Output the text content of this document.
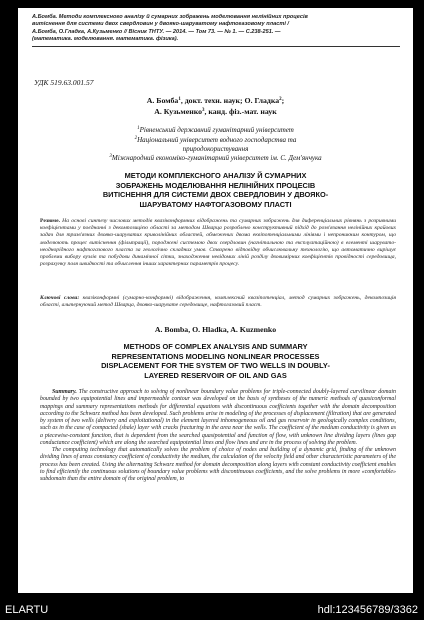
А.Бомба. Методи комплексного аналізу й сумарних зображень моделювання нелінійних процесів
витіснення для системи двох свердловин у двояко-шаруватому нафтогазовому пласті /
А.Бомба, О.Гладка, А.Кузьменко // Вісник ТНТУ. — 2014. — Том 73. — № 1. — С.238-251. —
(математика. моделювання. математика. фізика).
УДК 519.63.001.57
А. Бомба$^1$, докт. техн. наук; О. Гладка$^2$;
А. Кузьменко$^3$, канд. фіз.-мат. наук
$^1$Рівненський державний гуманітарний університет
$^2$Національний університет водного господарства та
природокористування
$^3$Міжнародний економіко-гуманітарний університет ім. С. Дем'янчука
МЕТОДИ КОМПЛЕКСНОГО АНАЛІЗУ Й СУМАРНИХ
ЗОБРАЖЕНЬ МОДЕЛЮВАННЯ НЕЛІНІЙНИХ ПРОЦЕСІВ
ВИТІСНЕННЯ ДЛЯ СИСТЕМИ ДВОХ СВЕРДЛОВИН У ДВОЯКО-
ШАРУВАТОМУ НАФТОГАЗОВОМУ ПЛАСТІ
Резюме. На основі синтезу числових методів квазіконформних відображень та сумарних зображень для диференціальних рівнянь з розривними коефіцієнтами у поєднанні з декомпозицією області за методом Шварца розроблено конструктивний підхід до розв'язання нелінійних крайових задач для тризв'язних двояко-шаруватих криволінійних областей, обмежених двома еквіпотенціальними лініями і непроникним контуром, що моделюють процес витіснення (фільтрації), породжені системою двох свердловин (нагнітальною та експлуатаційною) в елементі шарувато-неоднорідного нафтогазового пласта за геологічно складних умов. Створено відповідну обчислювальну технологію, що автоматично вирішує проблеми вибору вузлів та побудови динамічної сітки, знаходження невідомих ліній розділу двовимірних коефіцієнтів провідності середовища, розрахунку поля швидкості та обчислення інших характерних параметрів процесу.
Ключові слова: квазіконформні (сумарно-конформні) відображення, комплексний квазіпотенціал, метод сумарних зображень, декомпозиція області, альтернуючий метод Шварца, двояко-шарувате середовище, нафтогазовий пласт.
A. Bomba, O. Hladka, A. Kuzmenko
METHODS OF COMPLEX ANALYSIS AND SUMMARY
REPRESENTATIONS MODELING NONLINEAR PROCESSES
DISPLACEMENT FOR THE SYSTEM OF TWO WELLS IN DOUBLY-
LAYERED RESERVOIR OF OIL AND GAS
Summary. The constructive approach to solving of nonlinear boundary value problems for triple-connected doubly-layered curvilinear domain bounded by two equipotential lines and impermeable contour was developed on the basis of syntheses of the numeric methods of quasiconformal mappings and summary representations methods for differential equations with discontinuous coefficients together with the domain decomposition according to the Schwarz method has been developed. Such problems arise in modeling of the processes of displacement (filtration) that are generated by system of two wells (delivery and exploitational) in the element layered inhomogeneous oil and gas reservoir in geologically complex conditions, such as in the case of compacted (shale) layer with cracks fracturing in the area near the wells. The coefficient of the medium conductivity is given as a piecewise-constant function, that is dependent from the searched quasipotential and function of flow, with unknown line dividing layers (lines gap conductance coefficient) which are along the searched equipotential lines and flow lines and are in the process of solving the problem.
The computing technology that automatically solves the problem of choice of nodes and building of a dynamic grid, finding of the unknown dividing lines of areas constancy coefficient of conductivity the medium, the calculation of the velocity field and other characteristic parameters of the process has been created. Using the alternating Schwarz method for domain decomposition along layers with constant conductivity coefficient enables to find efficiently the continuous solutions of boundary value problems with discontinuous coefficients, and the solve problems in more «comfortable» subdomain than the entire domain of the original problem, to
ELARTU	hdl:123456789/3362
